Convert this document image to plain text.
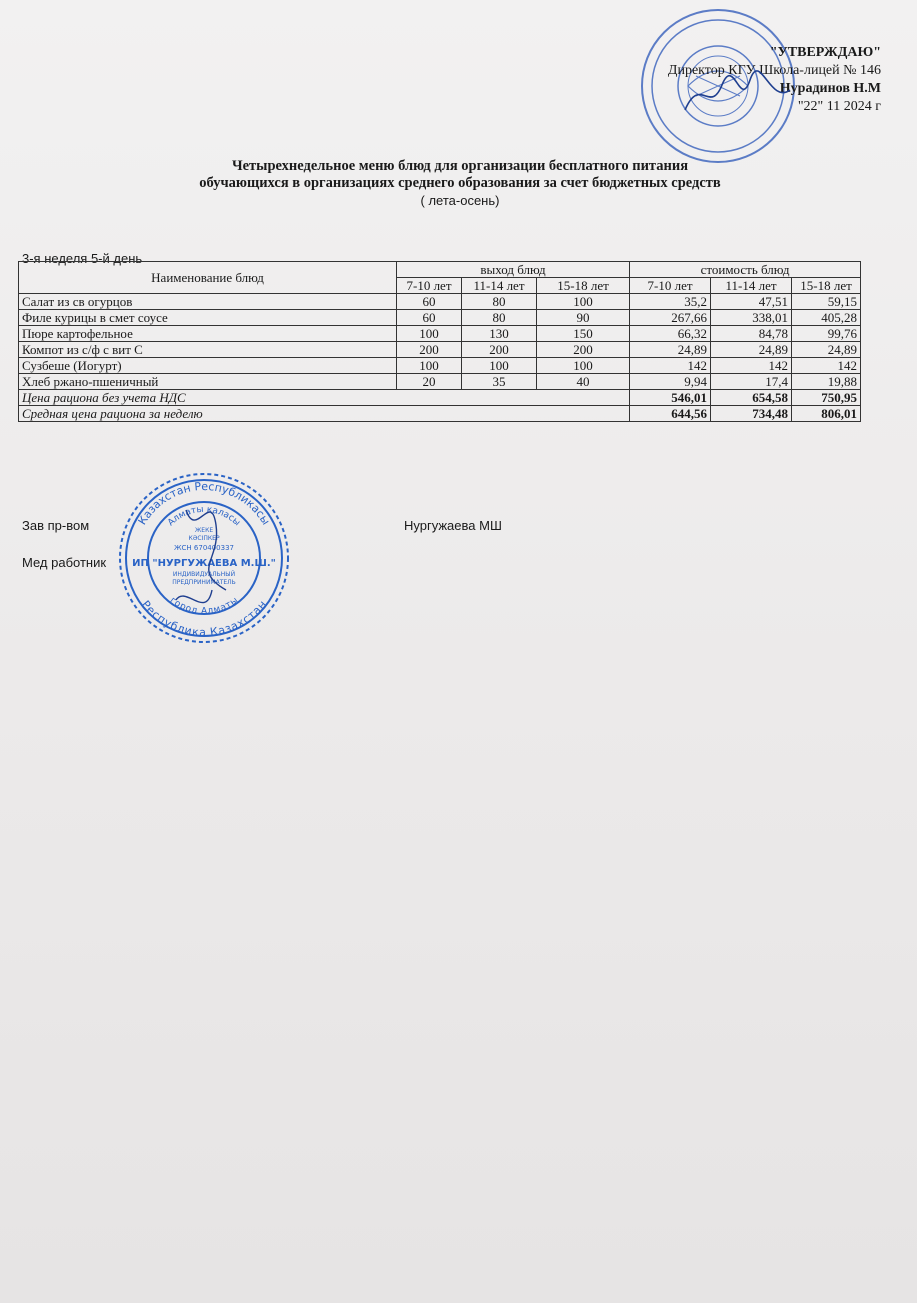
"УТВЕРЖДАЮ"
Директор КГУ Школа-лицей № 146
Нурадинов Н.М
"22" 11 2024 г
Четырехнедельное меню блюд для организации бесплатного питания
обучающихся в организациях среднего образования за счет бюджетных средств
( лета-осень)
3-я неделя 5-й день
Наименование блюд	выход блюд			стоимость блюд		
	7-10 лет	11-14 лет	15-18 лет	7-10 лет	11-14 лет	15-18 лет
Салат из св огурцов	60	80	100	35,2	47,51	59,15
Филе курицы в смет соусе	60	80	90	267,66	338,01	405,28
Пюре картофельное	100	130	150	66,32	84,78	99,76
Компот из с/ф с вит С	200	200	200	24,89	24,89	24,89
Сузбеше (Иогурт)	100	100	100	142	142	142
Хлеб ржано-пшеничный	20	35	40	9,94	17,4	19,88
Цена рациона без учета НДС				546,01	654,58	750,95
Средная цена рациона за неделю				644,56	734,48	806,01
Казахстан Республикасы
Республика Казахстан
Алматы қаласы
город Алматы
ЖЕКЕ
КӘСІПКЕР
ЖСН 670400337
ИП "НУРГУЖАЕВА М.Ш."
ИНДИВИДУАЛЬНЫЙ
ПРЕДПРИНИМАТЕЛЬ
Зав пр-вом	Нургужаева МШ
Мед работник
